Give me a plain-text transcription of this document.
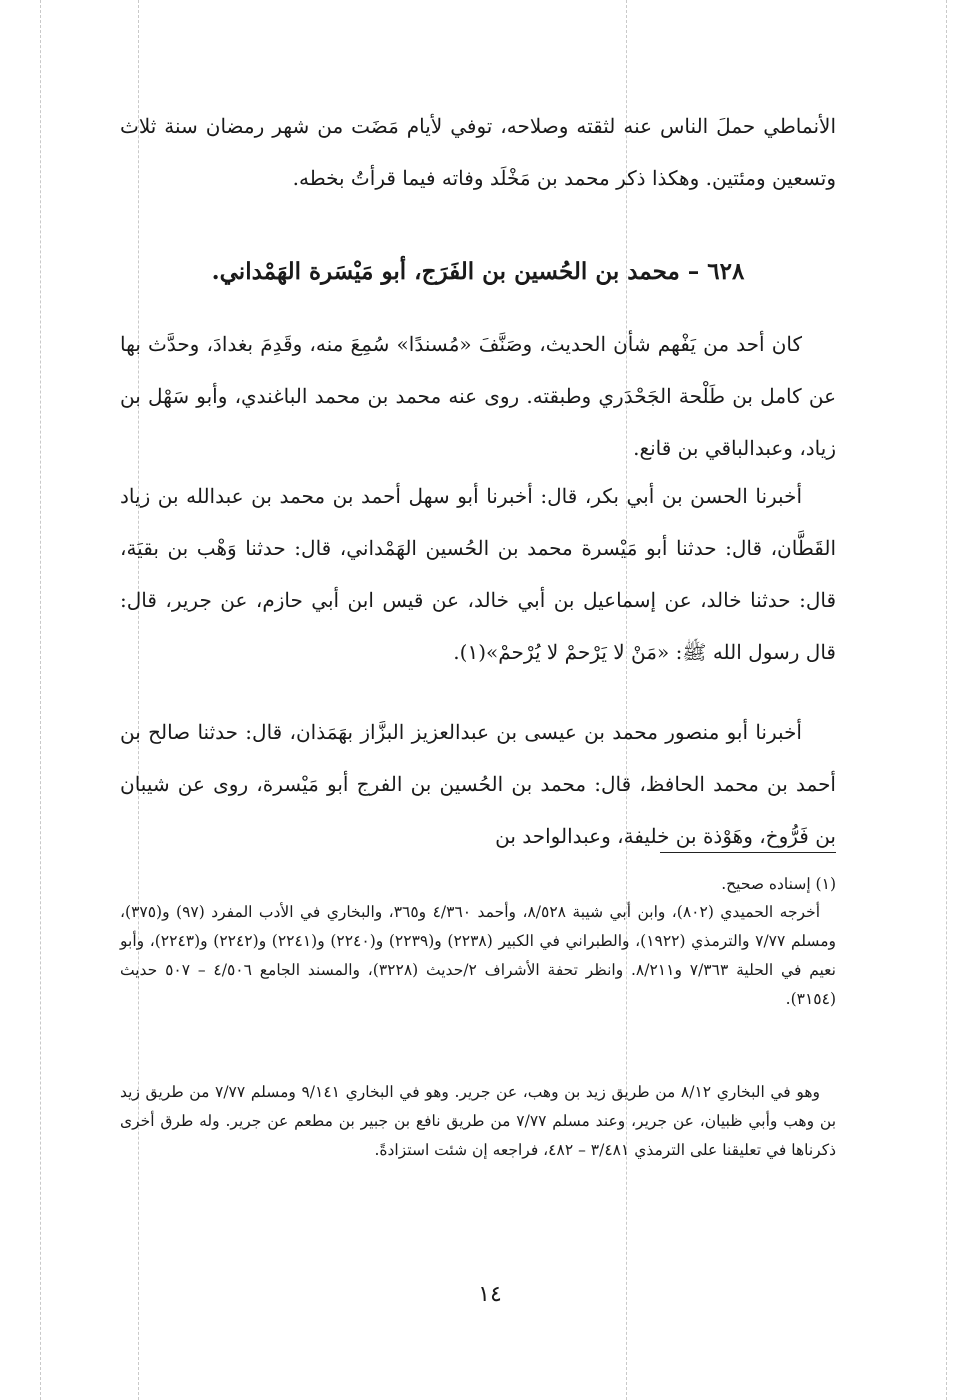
الأنماطي حملَ الناس عنه لثقته وصلاحه، توفي لأيام مَضَت من شهر رمضان سنة ثلاث وتسعين ومئتين. وهكذا ذكر محمد بن مَخْلَد وفاته فيما قرأتُ بخطه.

٦٢٨ – محمد بن الحُسين بن الفَرَج، أبو مَيْسَرة الهَمْداني.

كان أحد من يَفْهم شأن الحديث، وصَنَّفَ «مُسندًا» سُمِعَ منه، وقَدِمَ بغدادَ، وحدَّث بها عن كامل بن طَلْحة الجَحْدَري وطبقته. روى عنه محمد بن محمد الباغندي، وأبو سَهْل بن زياد، وعبدالباقي بن قانع.

أخبرنا الحسن بن أبي بكر، قال: أخبرنا أبو سهل أحمد بن محمد بن عبدالله بن زياد القَطَّان، قال: حدثنا أبو مَيْسرة محمد بن الحُسين الهَمْداني، قال: حدثنا وَهْب بن بقيَة، قال: حدثنا خالد، عن إسماعيل بن أبي خالد، عن قيس ابن أبي حازم، عن جرير، قال: قال رسول الله ﷺ: «مَنْ لا يَرْحمْ لا يُرْحمْ»(١).

أخبرنا أبو منصور محمد بن عيسى بن عبدالعزيز البزَّاز بهَمَذان، قال: حدثنا صالح بن أحمد بن محمد الحافظ، قال: محمد بن الحُسين بن الفرج أبو مَيْسرة، روى عن شيبان بن فَرُّوخ، وهَوْذة بن خليفة، وعبدالواحد بن

(١) إسناده صحيح.

أخرجه الحميدي (٨٠٢)، وابن أبي شيبة ٨/٥٢٨، وأحمد ٤/٣٦٠ و٣٦٥، والبخاري في الأدب المفرد (٩٧) و(٣٧٥)، ومسلم ٧/٧٧ والترمذي (١٩٢٢)، والطبراني في الكبير (٢٢٣٨) و(٢٢٣٩) و(٢٢٤٠) و(٢٢٤١) و(٢٢٤٢) و(٢٢٤٣)، وأبو نعيم في الحلية ٧/٣٦٣ و٨/٢١١. وانظر تحفة الأشراف ٢/حديث (٣٢٢٨)، والمسند الجامع ٤/٥٠٦ – ٥٠٧ حديث (٣١٥٤).

وهو في البخاري ٨/١٢ من طريق زيد بن وهب، عن جرير. وهو في البخاري ٩/١٤١ ومسلم ٧/٧٧ من طريق زيد بن وهب وأبي ظبيان، عن جرير، وعند مسلم ٧/٧٧ من طريق نافع بن جبير بن مطعم عن جرير. وله طرق أخرى ذكرناها في تعليقنا على الترمذي ٣/٤٨١ – ٤٨٢، فراجعه إن شئت استزادةً.

١٤
